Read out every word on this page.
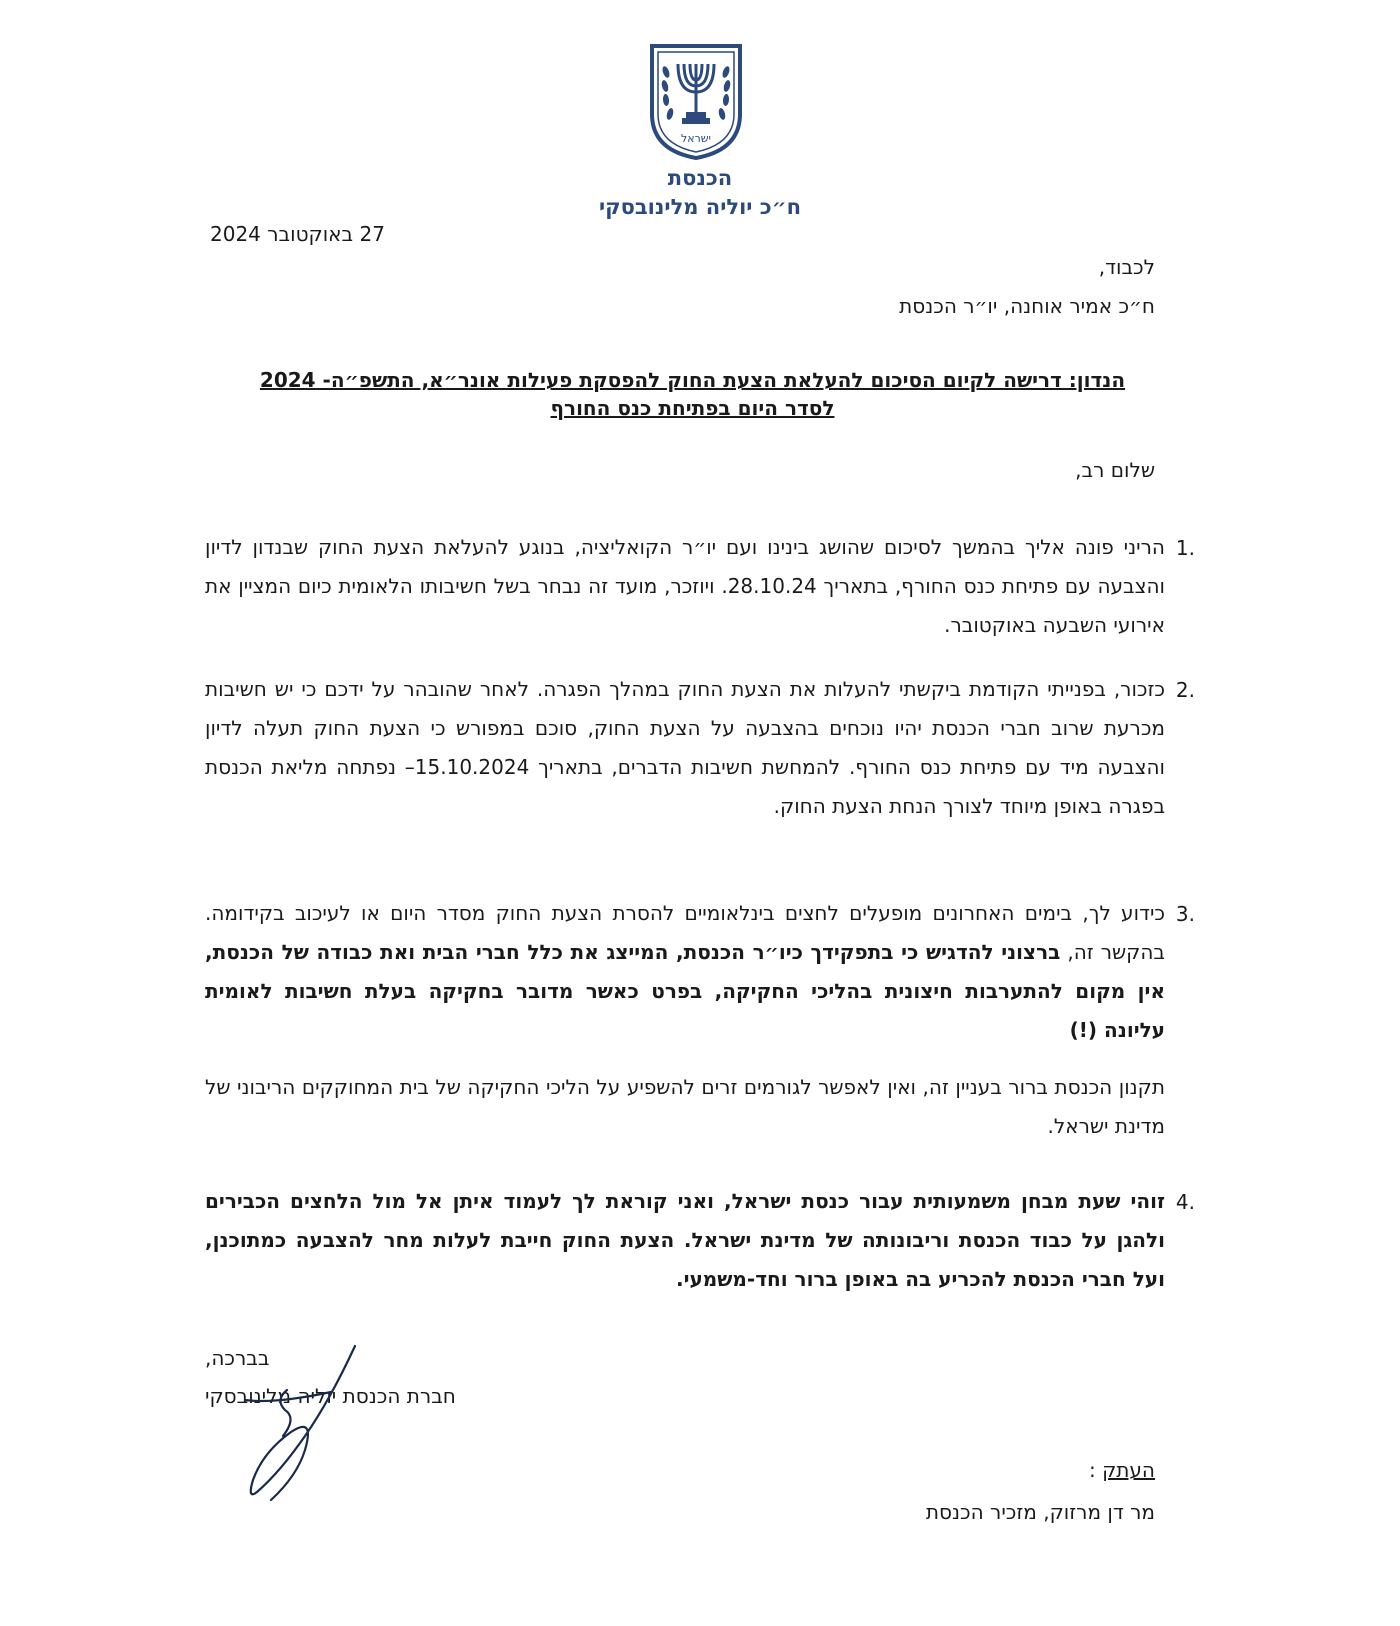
ישראל
הכנסת
ח״כ יוליה מלינובסקי
27 באוקטובר 2024
לכבוד,
ח״כ אמיר אוחנה, יו״ר הכנסת
הנדון: דרישה לקיום הסיכום להעלאת הצעת החוק להפסקת פעילות אונר״א, התשפ״ה- 2024
לסדר היום בפתיחת כנס החורף
שלום רב,
1.

הריני פונה אליך בהמשך לסיכום שהושג בינינו ועם יו״ר הקואליציה, בנוגע להעלאת הצעת החוק שבנדון לדיון והצבעה עם פתיחת כנס החורף, בתאריך 28.10.24. ויוזכר, מועד זה נבחר בשל חשיבותו הלאומית כיום המציין את אירועי השבעה באוקטובר.

2.

כזכור, בפנייתי הקודמת ביקשתי להעלות את הצעת החוק במהלך הפגרה. לאחר שהובהר על ידכם כי יש חשיבות מכרעת שרוב חברי הכנסת יהיו נוכחים בהצבעה על הצעת החוק, סוכם במפורש כי הצעת החוק תעלה לדיון והצבעה מיד עם פתיחת כנס החורף. להמחשת חשיבות הדברים, בתאריך 15.10.2024– נפתחה מליאת הכנסת בפגרה באופן מיוחד לצורך הנחת הצעת החוק.

3.

כידוע לך, בימים האחרונים מופעלים לחצים בינלאומיים להסרת הצעת החוק מסדר היום או לעיכוב בקידומה. בהקשר זה, ברצוני להדגיש כי בתפקידך כיו״ר הכנסת, המייצג את כלל חברי הבית ואת כבודה של הכנסת, אין מקום להתערבות חיצונית בהליכי החקיקה, בפרט כאשר מדובר בחקיקה בעלת חשיבות לאומית עליונה (!)

תקנון הכנסת ברור בעניין זה, ואין לאפשר לגורמים זרים להשפיע על הליכי החקיקה של בית המחוקקים הריבוני של מדינת ישראל.

4.

זוהי שעת מבחן משמעותית עבור כנסת ישראל, ואני קוראת לך לעמוד איתן אל מול הלחצים הכבירים ולהגן על כבוד הכנסת וריבונותה של מדינת ישראל. הצעת החוק חייבת לעלות מחר להצבעה כמתוכנן, ועל חברי הכנסת להכריע בה באופן ברור וחד-משמעי.

בברכה,
חברת הכנסת יוליה מלינובסקי
העתק :
מר דן מרזוק, מזכיר הכנסת
